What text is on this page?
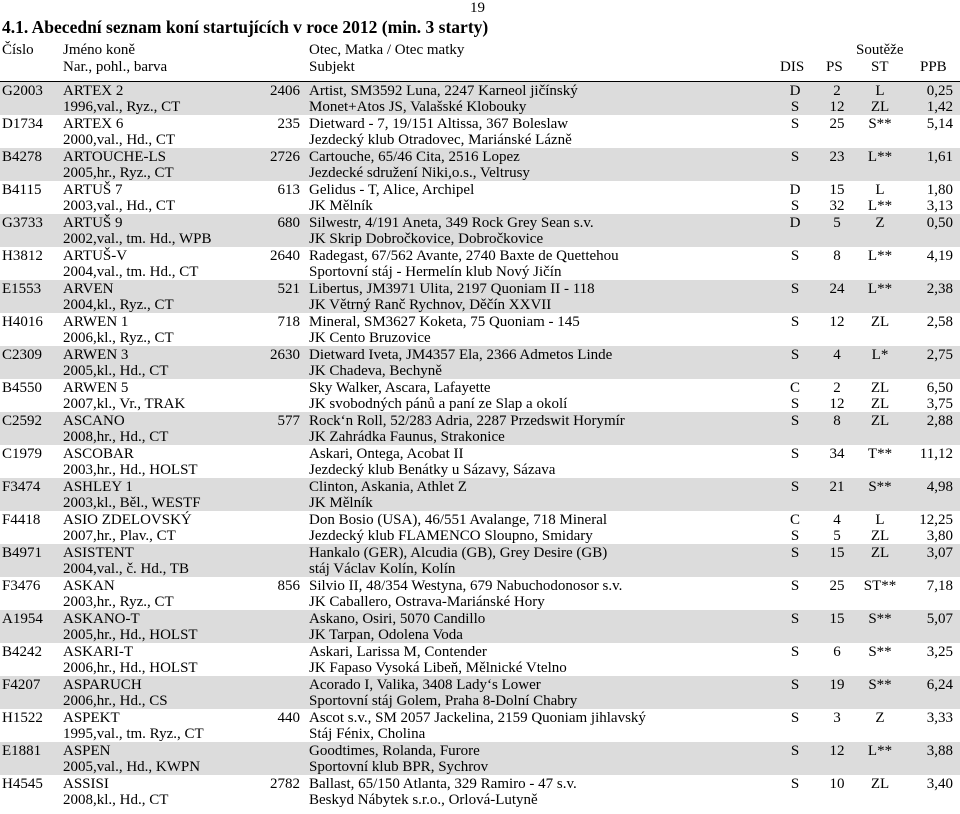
19
4.1. Abecední seznam koní startujících v roce 2012 (min. 3 starty)
Číslo Jméno koně
Nar., pohl., barva
Otec, Matka / Otec matky
Subjekt
Soutěže
DIS PS ST PPB
G2003 ARTEX 2	2406 Artist, SM3592 Luna, 2247 Karneol jičínský
1996,val., Ryz., CT	Monet+Atos JS, Valašské Klobouky
D	2	L	0,25
S	12	ZL	1,42
D1734 ARTEX 6	235 Dietward - 7, 19/151 Altissa, 367 Boleslaw
2000,val., Hd., CT	Jezdecký klub Otradovec, Mariánské Lázně
S	25	S**	5,14
B4278 ARTOUCHE-LS	2726 Cartouche, 65/46 Cita, 2516 Lopez
2005,hr., Ryz., CT	Jezdecké sdružení Niki,o.s., Veltrusy
S	23	L**	1,61
B4115 ARTUŠ 7	613 Gelidus - T, Alice, Archipel
2003,val., Hd., CT	JK Mělník
D	15	L	1,80
S	32	L**	3,13
G3733 ARTUŠ 9	680 Silwestr, 4/191 Aneta, 349 Rock Grey Sean s.v.
2002,val., tm. Hd., WPB	JK Skrip Dobročkovice, Dobročkovice
D	5	Z	0,50
H3812 ARTUŠ-V	2640 Radegast, 67/562 Avante, 2740 Baxte de Quettehou
2004,val., tm. Hd., CT	Sportovní stáj - Hermelín klub Nový Jičín
S	8	L**	4,19
E1553 ARVEN	521 Libertus, JM3971 Ulita, 2197 Quoniam II - 118
2004,kl., Ryz., CT	JK Větrný Ranč Rychnov, Děčín XXVII
S	24	L**	2,38
H4016 ARWEN 1	718 Mineral, SM3627 Koketa, 75 Quoniam - 145
2006,kl., Ryz., CT	JK Cento Bruzovice
S	12	ZL	2,58
C2309 ARWEN 3	2630 Dietward Iveta, JM4357 Ela, 2366 Admetos Linde
2005,kl., Hd., CT	JK Chadeva, Bechyně
S	4	L*	2,75
B4550 ARWEN 5	Sky Walker, Ascara, Lafayette
2007,kl., Vr., TRAK	JK svobodných pánů a paní ze Slap a okolí
C	2	ZL	6,50
S	12	ZL	3,75
C2592 ASCANO	577 Rock‘n Roll, 52/283 Adria, 2287 Przedswit Horymír
2008,hr., Hd., CT	JK Zahrádka Faunus, Strakonice
S	8	ZL	2,88
C1979 ASCOBAR	Askari, Ontega, Acobat II
2003,hr., Hd., HOLST	Jezdecký klub Benátky u Sázavy, Sázava
S	34	T**	11,12
F3474 ASHLEY 1	Clinton, Askania, Athlet Z
2003,kl., Běl., WESTF	JK Mělník
S	21	S**	4,98
F4418 ASIO ZDELOVSKÝ	Don Bosio (USA), 46/551 Avalange, 718 Mineral
2007,hr., Plav., CT	Jezdecký klub FLAMENCO Sloupno, Smidary
C	4	L	12,25
S	5	ZL	3,80
B4971 ASISTENT	Hankalo (GER), Alcudia (GB), Grey Desire (GB)
2004,val., č. Hd., TB	stáj Václav Kolín, Kolín
S	15	ZL	3,07
F3476 ASKAN	856 Silvio II, 48/354 Westyna, 679 Nabuchodonosor s.v.
2003,hr., Ryz., CT	JK Caballero, Ostrava-Mariánské Hory
S	25	ST**	7,18
A1954 ASKANO-T	Askano, Osiri, 5070 Candillo
2005,hr., Hd., HOLST	JK Tarpan, Odolena Voda
S	15	S**	5,07
B4242 ASKARI-T	Askari, Larissa M, Contender
2006,hr., Hd., HOLST	JK Fapaso Vysoká Libeň, Mělnické Vtelno
S	6	S**	3,25
F4207 ASPARUCH	Acorado I, Valika, 3408 Lady‘s Lower
2006,hr., Hd., CS	Sportovní stáj Golem, Praha 8-Dolní Chabry
S	19	S**	6,24
H1522 ASPEKT	440 Ascot s.v., SM 2057 Jackelina, 2159 Quoniam jihlavský
1995,val., tm. Ryz., CT	Stáj Fénix, Cholina
S	3	Z	3,33
E1881 ASPEN	Goodtimes, Rolanda, Furore
2005,val., Hd., KWPN	Sportovní klub BPR, Sychrov
S	12	L**	3,88
H4545 ASSISI	2782 Ballast, 65/150 Atlanta, 329 Ramiro - 47 s.v.
2008,kl., Hd., CT	Beskyd Nábytek s.r.o., Orlová-Lutyně
S	10	ZL	3,40
